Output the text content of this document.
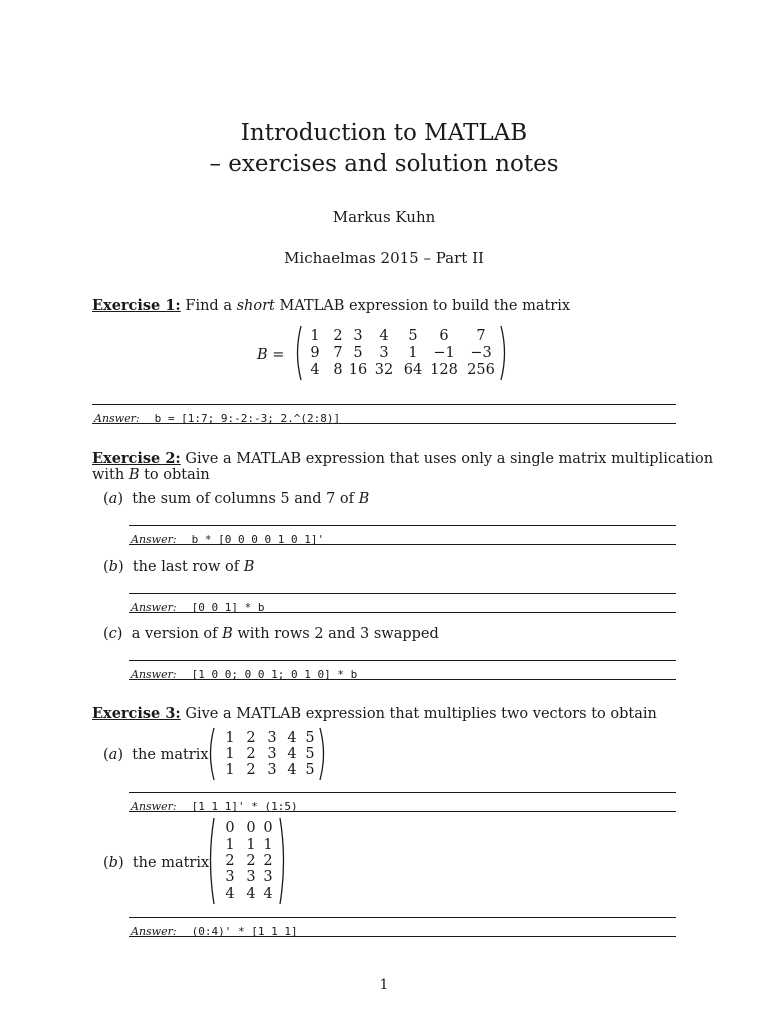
Introduction to MATLAB
– exercises and solution notes
Markus Kuhn
Michaelmas 2015 – Part II
Exercise 1: Find a short MATLAB expression to build the matrix
B =
1 2 3	4	5	6	7
9 7 5	3	1	−1	−3
4 8 16 32 64 128 256
Answer: b = [1:7; 9:-2:-3; 2.^(2:8)]
Exercise 2: Give a MATLAB expression that uses only a single matrix multiplication
with B to obtain
(a) the sum of columns 5 and 7 of B
Answer: b * [0 0 0 0 1 0 1]'
(b) the last row of B
Answer: [0 0 1] * b
(c) a version of B with rows 2 and 3 swapped
Answer: [1 0 0; 0 0 1; 0 1 0] * b
Exercise 3: Give a MATLAB expression that multiplies two vectors to obtain
(a) the matrix
1 2 3 4 5
1 2 3 4 5
1 2 3 4 5
Answer: [1 1 1]' * (1:5)
(b) the matrix
0 0 0
1 1 1
2 2 2
3 3 3
4 4 4
Answer: (0:4)' * [1 1 1]
1
